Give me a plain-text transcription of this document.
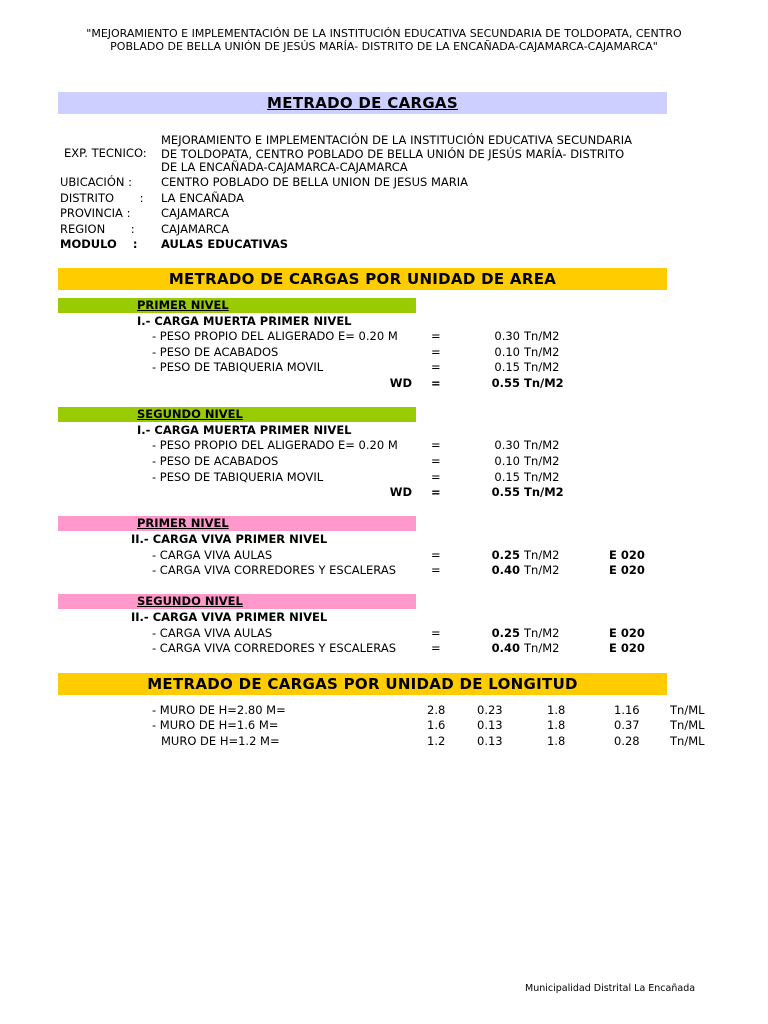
"MEJORAMIENTO E IMPLEMENTACIÓN DE LA INSTITUCIÓN EDUCATIVA SECUNDARIA DE TOLDOPATA, CENTRO
POBLADO DE BELLA UNIÓN DE JESÚS MARÍA- DISTRITO DE LA ENCAÑADA-CAJAMARCA-CAJAMARCA"
METRADO DE CARGAS
EXP. TECNICO:
MEJORAMIENTO E IMPLEMENTACIÓN DE LA INSTITUCIÓN EDUCATIVA SECUNDARIA
DE TOLDOPATA, CENTRO POBLADO DE BELLA UNIÓN DE JESÚS MARÍA- DISTRITO
DE LA ENCAÑADA-CAJAMARCA-CAJAMARCA
UBICACIÓN :	CENTRO POBLADO DE BELLA UNION DE JESUS MARIA
DISTRITO       : LA ENCAÑADA
PROVINCIA :	CAJAMARCA
REGION       : CAJAMARCA
MODULO    : AULAS EDUCATIVAS
METRADO DE CARGAS POR UNIDAD DE AREA
PRIMER NIVEL
I.- CARGA MUERTA PRIMER NIVEL
- PESO PROPIO DEL ALIGERADO E= 0.20 M	=	0.30 Tn/M2
- PESO DE ACABADOS	=	0.10 Tn/M2
- PESO DE TABIQUERIA MOVIL	=	0.15 Tn/M2
WD =	0.55 Tn/M2
SEGUNDO NIVEL
I.- CARGA MUERTA PRIMER NIVEL
- PESO PROPIO DEL ALIGERADO E= 0.20 M	=	0.30 Tn/M2
- PESO DE ACABADOS	=	0.10 Tn/M2
- PESO DE TABIQUERIA MOVIL	=	0.15 Tn/M2
WD =	0.55 Tn/M2
PRIMER NIVEL
II.- CARGA VIVA PRIMER NIVEL
- CARGA VIVA AULAS	=	0.25 Tn/M2	E 020
- CARGA VIVA CORREDORES Y ESCALERAS	=	0.40 Tn/M2	E 020
SEGUNDO NIVEL
II.- CARGA VIVA PRIMER NIVEL
- CARGA VIVA AULAS	=	0.25 Tn/M2	E 020
- CARGA VIVA CORREDORES Y ESCALERAS	=	0.40 Tn/M2	E 020
METRADO DE CARGAS POR UNIDAD DE LONGITUD
- MURO DE H=2.80 M=	2.8	0.23	1.8	1.16	Tn/ML
- MURO DE H=1.6 M=	1.6	0.13	1.8	0.37	Tn/ML
MURO DE H=1.2 M=	1.2	0.13	1.8	0.28	Tn/ML
Municipalidad Distrital La Encañada
